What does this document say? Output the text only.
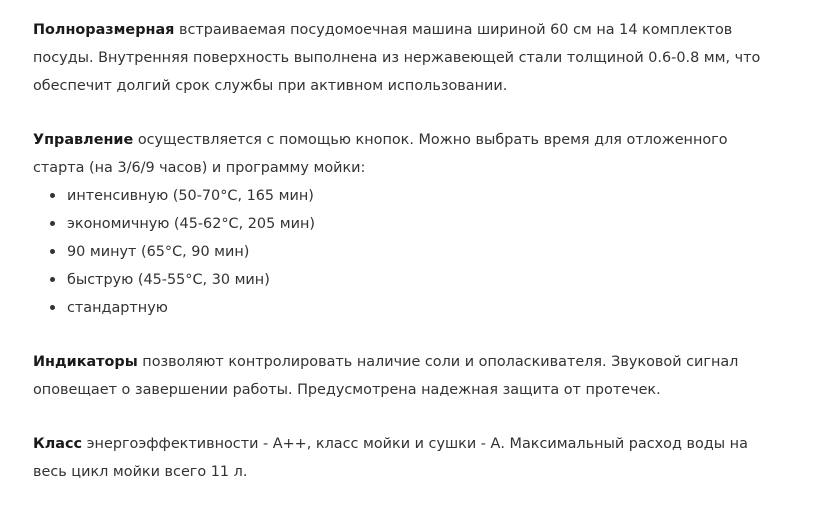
Полноразмерная встраиваемая посудомоечная машина шириной 60 см на 14 комплектов
посуды. Внутренняя поверхность выполнена из нержавеющей стали толщиной 0.6-0.8 мм, что
обеспечит долгий срок службы при активном использовании.
Управление осуществляется с помощью кнопок. Можно выбрать время для отложенного
старта (на 3/6/9 часов) и программу мойки:
интенсивную (50-70°C, 165 мин)
экономичную (45-62°C, 205 мин)
90 минут (65°C, 90 мин)
быструю (45-55°C, 30 мин)
стандартную
Индикаторы позволяют контролировать наличие соли и ополаскивателя. Звуковой сигнал
оповещает о завершении работы. Предусмотрена надежная защита от протечек.
Класс энергоэффективности - А++, класс мойки и сушки - А. Максимальный расход воды на
весь цикл мойки всего 11 л.
